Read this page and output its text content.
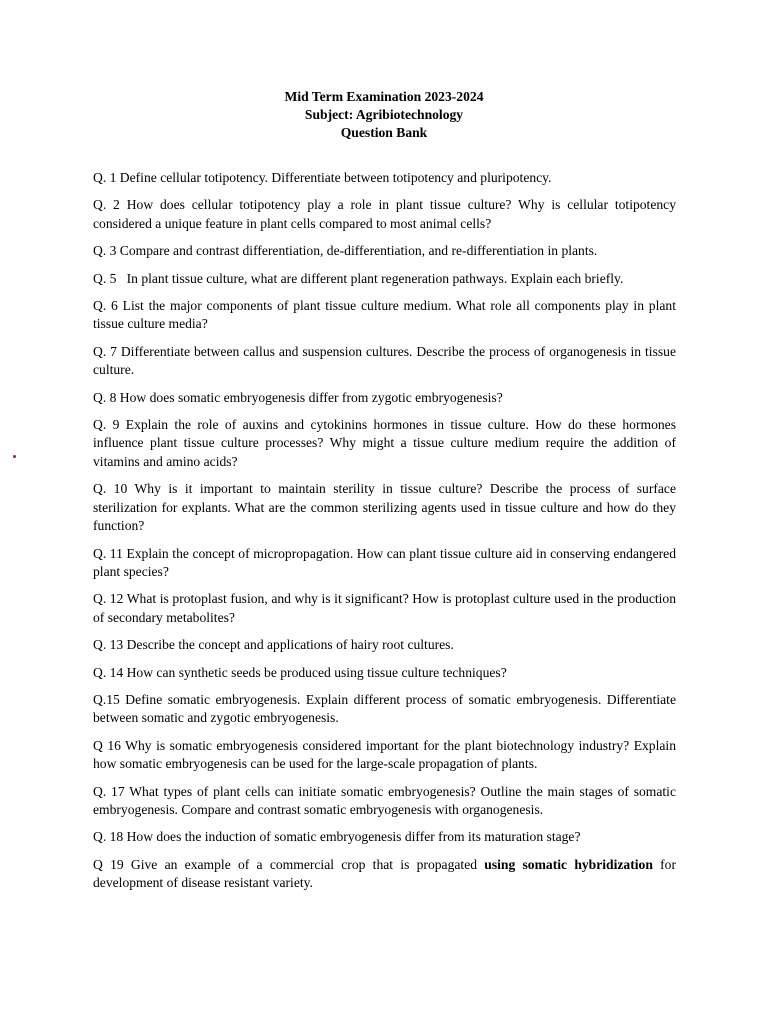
Mid Term Examination 2023-2024
Subject: Agribiotechnology
Question Bank

Q. 1 Define cellular totipotency. Differentiate between totipotency and pluripotency.

Q. 2 How does cellular totipotency play a role in plant tissue culture? Why is cellular totipotency considered a unique feature in plant cells compared to most animal cells?

Q. 3 Compare and contrast differentiation, de-differentiation, and re-differentiation in plants.

Q. 5   In plant tissue culture, what are different plant regeneration pathways. Explain each briefly.

Q. 6 List the major components of plant tissue culture medium. What role all components play in plant tissue culture media?

Q. 7 Differentiate between callus and suspension cultures. Describe the process of organogenesis in tissue culture.

Q. 8 How does somatic embryogenesis differ from zygotic embryogenesis?

Q. 9 Explain the role of auxins and cytokinins hormones in tissue culture. How do these hormones influence plant tissue culture processes? Why might a tissue culture medium require the addition of vitamins and amino acids?

Q. 10 Why is it important to maintain sterility in tissue culture? Describe the process of surface sterilization for explants. What are the common sterilizing agents used in tissue culture and how do they function?

Q. 11 Explain the concept of micropropagation. How can plant tissue culture aid in conserving endangered plant species?

Q. 12 What is protoplast fusion, and why is it significant? How is protoplast culture used in the production of secondary metabolites?

Q. 13 Describe the concept and applications of hairy root cultures.

Q. 14 How can synthetic seeds be produced using tissue culture techniques?

Q.15 Define somatic embryogenesis. Explain different process of somatic embryogenesis. Differentiate between somatic and zygotic embryogenesis.

Q 16 Why is somatic embryogenesis considered important for the plant biotechnology industry? Explain how somatic embryogenesis can be used for the large-scale propagation of plants.

Q. 17 What types of plant cells can initiate somatic embryogenesis? Outline the main stages of somatic embryogenesis. Compare and contrast somatic embryogenesis with organogenesis.

Q. 18 How does the induction of somatic embryogenesis differ from its maturation stage?

Q 19 Give an example of a commercial crop that is propagated using somatic hybridization for development of disease resistant variety.
